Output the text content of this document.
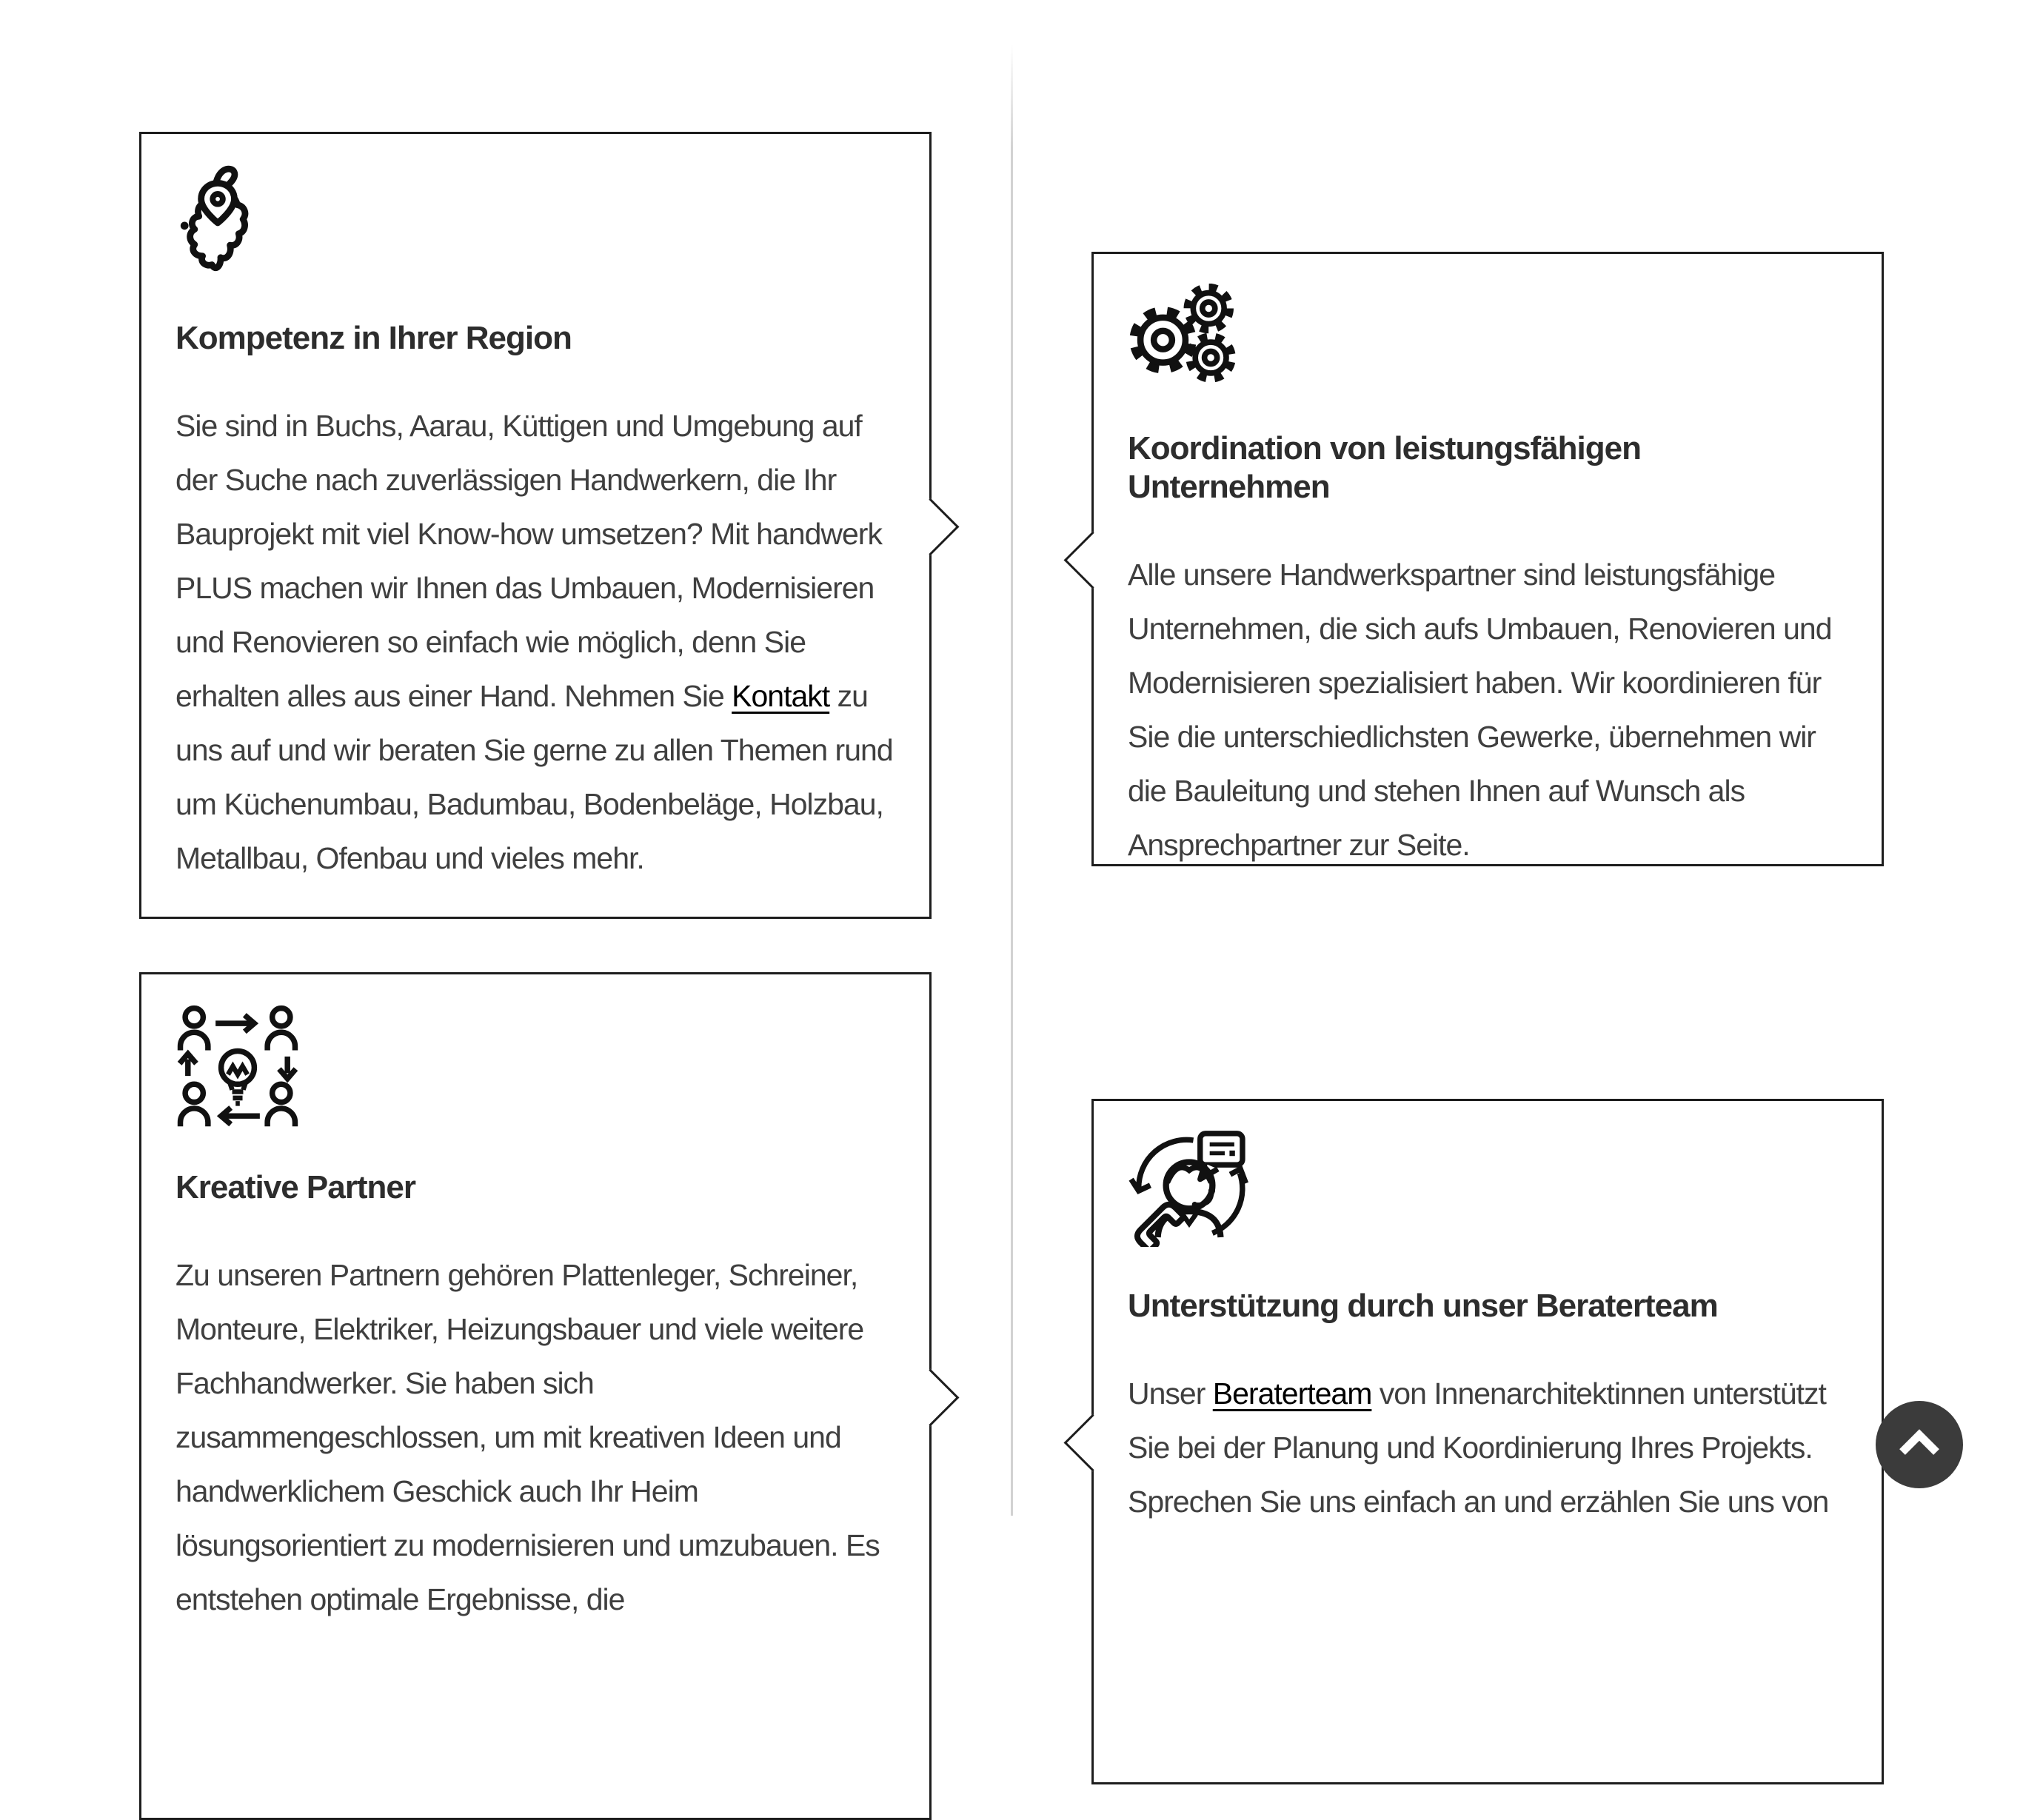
Kompetenz in Ihrer Region

Sie sind in Buchs, Aarau, Küttigen und Umgebung auf der Suche nach zuverlässigen Handwerkern, die Ihr Bauprojekt mit viel Know-how umsetzen? Mit handwerk PLUS machen wir Ihnen das Umbauen, Modernisieren und Renovieren so einfach wie möglich, denn Sie erhalten alles aus einer Hand. Nehmen Sie Kontakt zu uns auf und wir beraten Sie gerne zu allen Themen rund um Küchenumbau, Badumbau, Bodenbeläge, Holzbau, Metallbau, Ofenbau und vieles mehr.

Koordination von leistungsfähigen Unternehmen

Alle unsere Handwerkspartner sind leistungsfähige Unternehmen, die sich aufs Umbauen, Renovieren und Modernisieren spezialisiert haben. Wir koordinieren für Sie die unterschiedlichsten Gewerke, übernehmen wir die Bauleitung und stehen Ihnen auf Wunsch als Ansprechpartner zur Seite.

Kreative Partner

Zu unseren Partnern gehören Plattenleger, Schreiner, Monteure, Elektriker, Heizungsbauer und viele weitere Fachhandwerker. Sie haben sich zusammengeschlossen, um mit kreativen Ideen und handwerklichem Geschick auch Ihr Heim lösungsorientiert zu modernisieren und umzubauen. Es entstehen optimale Ergebnisse, die

Unterstützung durch unser Beraterteam

Unser Beraterteam von Innenarchitektinnen unterstützt Sie bei der Planung und Koordinierung Ihres Projekts. Sprechen Sie uns einfach an und erzählen Sie uns von
